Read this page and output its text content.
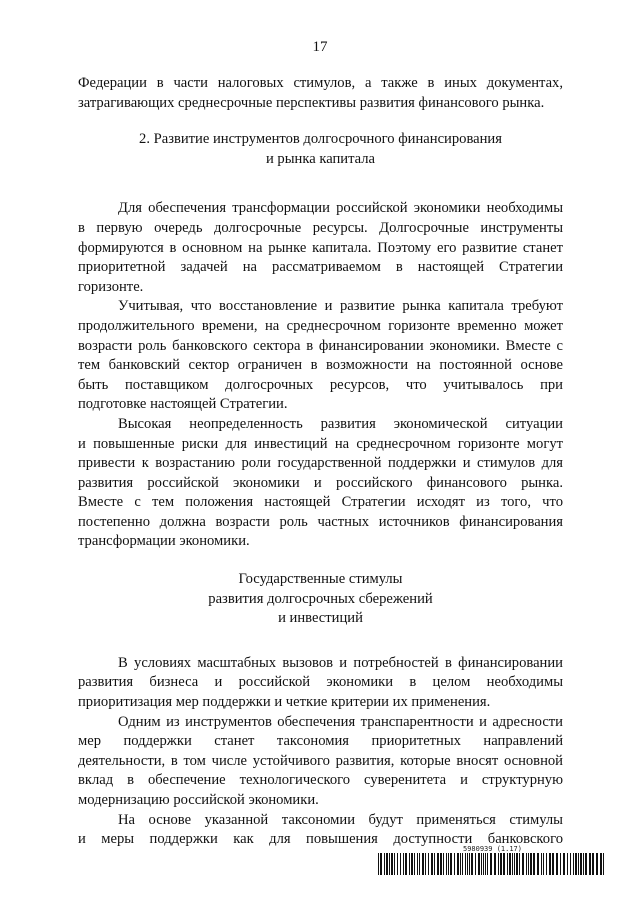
17

Федерации в части налоговых стимулов, а также в иных документах,

затрагивающих среднесрочные перспективы развития финансового рынка.

2. Развитие инструментов долгосрочного финансирования
и рынка капитала

Для обеспечения трансформации российской экономики необходимы

в первую очередь долгосрочные ресурсы. Долгосрочные инструменты

формируются в основном на рынке капитала. Поэтому его развитие станет

приоритетной задачей на рассматриваемом в настоящей Стратегии

горизонте.

Учитывая, что восстановление и развитие рынка капитала требуют

продолжительного времени, на среднесрочном горизонте временно может

возрасти роль банковского сектора в финансировании экономики. Вместе с

тем банковский сектор ограничен в возможности на постоянной основе

быть поставщиком долгосрочных ресурсов, что учитывалось при

подготовке настоящей Стратегии.

Высокая неопределенность развития экономической ситуации

и повышенные риски для инвестиций на среднесрочном горизонте могут

привести к возрастанию роли государственной поддержки и стимулов для

развития российской экономики и российского финансового рынка.

Вместе с тем положения настоящей Стратегии исходят из того, что

постепенно должна возрасти роль частных источников финансирования

трансформации экономики.

Государственные стимулы
развития долгосрочных сбережений
и инвестиций

В условиях масштабных вызовов и потребностей в финансировании

развития бизнеса и российской экономики в целом необходимы

приоритизация мер поддержки и четкие критерии их применения.

Одним из инструментов обеспечения транспарентности и адресности

мер поддержки станет таксономия приоритетных направлений

деятельности, в том числе устойчивого развития, которые вносят основной

вклад в обеспечение технологического суверенитета и структурную

модернизацию российской экономики.

На основе указанной таксономии будут применяться стимулы

и меры поддержки как для повышения доступности банковского

5980939 (1.17)
